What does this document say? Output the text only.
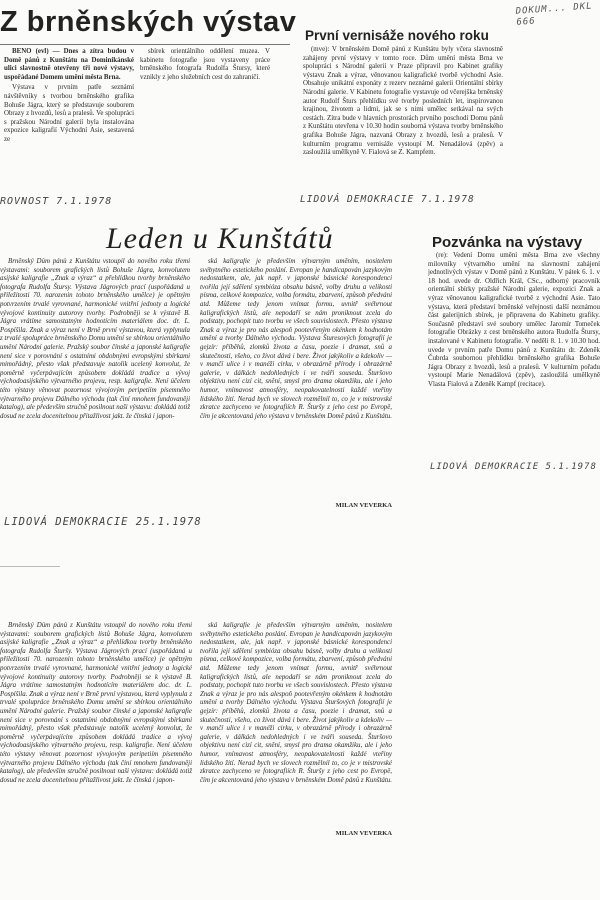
DOKUM... DKL 666
Z brněnských výstav

BENO (evl) — Dnes a zítra budou v Domě pánů z Kunštátu na Dominikánské ulici slavnostně otevřeny tři nové výstavy, uspořádané Domem umění města Brna.

Výstava v prvním patře seznámí návštěvníky s tvorbou brněnského grafika Bohuše Jágra, který se představuje souborem Obrazy z hvozdů, lesů a pralesů. Ve spolupráci s pražskou Národní galerií byla instalována expozice kaligrafií Východní Asie, sestavená ze

sbírek orientálního oddělení muzea. V kabinetu fotografie jsou vystaveny práce brněnského fotografa Rudolfa Štursy, které vznikly z jeho služebních cest do zahraničí.

ROVNOST 7.1.1978
První vernisáže nového roku

(mve): V brněnském Domě pánů z Kunštátu byly včera slavnostně zahájeny první výstavy v tomto roce. Dům umění města Brna ve spolupráci s Národní galerií v Praze připravil pro Kabinet grafiky výstavu Znak a výraz, věnovanou kaligrafické tvorbě východní Asie. Obsahuje unikátní exponáty z rezerv neznámé galerii Orientální sbírky Národní galerie. V Kabinetu fotografie vystavuje od včerejška brněnský autor Rudolf Šturs přehlídku své tvorby posledních let, inspirovanou krajinou, životem a lidmi, jak se s nimi umělec setkával na svých cestách. Zítra bude v hlavních prostorách prvního poschodí Domu pánů z Kunštátu otevřena v 10.30 hodin souborná výstava tvorby brněnského grafika Bohuše Jágra, nazvaná Obrazy z hvozdů, lesů a pralesů. V kulturním programu vernisáže vystoupí M. Nenadálová (zpěv) a zasloužilá umělkyně V. Fialová se Z. Kampfem.

LIDOVÁ DEMOKRACIE 7.1.1978
Leden u Kunštátů

Brněnský Dům pánů z Kunštátu vstoupil do nového roku třemi výstavami: souborem grafických listů Bohuše Jágra, konvolutem asijské kaligrafie „Znak a výraz“ a přehlídkou tvorby brněnského fotografa Rudolfa Štursy. Výstava Jágrových prací (uspořádaná u příležitosti 70. narozenin tohoto brněnského umělce) je opětným potvrzením trvalé vyrovnané, harmonické vnitřní jednoty a logické vývojové kontinuity autorovy tvorby. Podrobněji se k výstavě B. Jágra vrátíme samostatným hodnotícím materiálem doc. dr. L. Pospíšila. Znak a výraz není v Brně první výstavou, která vyplynula z trvalé spolupráce brněnského Domu umění se sbírkou orientálního umění Národní galerie. Pražský soubor čínské a japonské kaligrafie není sice v porovnání s ostatními obdobnými evropskými sbírkami mimořádný, přesto však představuje natolik ucelený konvolut, že poměrně vyčerpávajícím způsobem dokládá tradice a vývoj východoasijského výtvarného projevu, resp. kaligrafie. Není účelem této výstavy věnovat pozornost vývojovým peripetiím písemného výtvarného projevu Dálného východu (tak činí mnohem fundovaněji katalog), ale především stručně posilnout naši výstavu: dokládá totiž dosud ne zcela docenitelnou přitažlivost jakt. že čínská i japon-

ská kaligrafie je především výtvarným uměním, nositelem svébytného estetického poslání. Evropan je handicapován jazykovým nedostatkem, ale, jak např. v japonské básnické korespondenci tvořila její sdělení symbióza obsahu básně, volby druhu a velikosti písma, celkové kompozice, volba formátu, zbarvení, způsob předvání atd. Můžeme tedy jenom vnímat formu, uvnitř svéhrnout kaligrafických listů, ale nepodaří se nám proniknout zcela do podstaty, pochopit tuto tvorbu ve všech souvislostech. Přesto výstava Znak a výraz je pro nás alespoň pootevřeným okénkem k hodnotám umění a tvorby Dálného východu. Výstava Šturesových fotografií je gejzír: příběhů, zlomků života a času, poezie i dramat, snů a skutečnosti, všeho, co život dává i bere. Život jakýkoliv a kdekoliv — v mančí ulice i v manéži cirku, v obrazárně přírody i obrazárně galerie, v dálkách nedohledných i ve tváři souseda. Šturšovo objektivu není cizí cit, snění, smysl pro drama okamžiku, ale i jeho humor, vnímavost atmosféry, neopakovatelnosti každé vteřiny lidského žití. Nerad bych ve slovech rozmělnil to, co je v mistrovské zkratce zachyceno ve fotografiích R. Šturšy z jeho cest po Evropě, čím je akcentovaná jeho výstava v brněnském Domě pánů z Kunštátu.

MILAN VEVERKA
LIDOVÁ DEMOKRACIE 25.1.1978
Pozvánka na výstavy

(re): Vedení Domu umění města Brna zve všechny milovníky výtvarného umění na slavnostní zahájení jednotlivých výstav v Domě pánů z Kunštátu. V pátek 6. 1. v 18 hod. uvede dr. Oldřich Král, CSc., odborný pracovník orientální sbírky pražské Národní galerie, expozici Znak a výraz věnovanou kaligrafické tvorbě z východní Asie. Tato výstava, která představí brněnské veřejnosti další neznámou část galerijních sbírek, je připravena do Kabinetu grafiky. Současně představí své soubory umělec Jaromír Tomeček fotografie Obrázky z cest brněnského autora Rudolfa Štursy, instalované v Kabinetu fotografie. V neděli 8. 1. v 10.30 hod. uvede v prvním patře Domu pánů z Kunštátu dr. Zdeněk Čubrda soubornou přehlídku brněnského grafika Bohuše Jágra Obrazy z hvozdů, lesů a pralesů. V kulturním pořadu vystoupí Marie Nenadálová (zpěv), zasloužilá umělkyně Vlasta Fialová a Zdeněk Kampf (recitace).

LIDOVÁ DEMOKRACIE 5.1.1978

Brněnský Dům pánů z Kunštátu vstoupil do nového roku třemi výstavami: souborem grafických listů Bohuše Jágra, konvolutem asijské kaligrafie „Znak a výraz“ a přehlídkou tvorby brněnského fotografa Rudolfa Šturšy. Výstava Jágrových prací (uspořádaná u příležitosti 70. narozenin tohoto brněnského umělce) je opětným potvrzením trvalé vyrovnané, harmonické vnitřní jednoty a logické vývojové kontinuity autorovy tvorby. Podrobněji se k výstavě B. Jágra vrátíme samostatným hodnotícím materiálem doc. dr. L. Pospíšila. Znak a výraz není v Brně první výstavou, která vyplynula z trvalé spolupráce brněnského Domu umění se sbírkou orientálního umění Národní galerie. Pražský soubor čínské a japonské kaligrafie není sice v porovnání s ostatními obdobnými evropskými sbírkami mimořádný, přesto však představuje natolik ucelený konvolut, že poměrně vyčerpávajícím způsobem dokládá tradice a vývoj východoasijského výtvarného projevu, resp. kaligrafie. Není účelem této výstavy věnovat pozornost vývojovým peripetiím písemného výtvarného projevu Dálného východu (tak činí mnohem fundovaněji katalog), ale především stručně posilnout naši výstavu: dokládá totiž dosud ne zcela docenitelnou přitažlivost jakt. že čínská i japon-

ská kaligrafie je především výtvarným uměním, nositelem svébytného estetického poslání. Evropan je handicapován jazykovým nedostatkem, ale, jak např. v japonské básnické korespondenci tvořila její sdělení symbióza obsahu básně, volby druhu a velikosti písma, celkové kompozice, volba formátu, zbarvení, způsob předvání atd. Můžeme tedy jenom vnímat formu, uvnitř svéhrnout kaligrafických listů, ale nepodaří se nám proniknout zcela do podstaty, pochopit tuto tvorbu ve všech souvislostech. Přesto výstava Znak a výraz je pro nás alespoň pootevřeným okénkem k hodnotám umění a tvorby Dálného východu. Výstava Šturšových fotografií je gejzír: příběhů, zlomků života a času, poezie i dramat, snů a skutečnosti, všeho, co život dává i bere. Život jakýkoliv a kdekoliv — v mančí ulice i v manéži cirku, v obrazárně přírody i obrazárně galerie, v dálkách nedohledných i ve tváři souseda. Šturšovo objektivu není cizí cit, snění, smysl pro drama okamžiku, ale i jeho humor, vnímavost atmosféry, neopakovatelnosti každé vteřiny lidského žití. Nerad bych ve slovech rozmělnil to, co je v mistrovské zkratce zachyceno ve fotografiích R. Šturšy z jeho cest po Evropě, čím je akcentovaná jeho výstava v brněnském Domě pánů z Kunštátu.

MILAN VEVERKA
